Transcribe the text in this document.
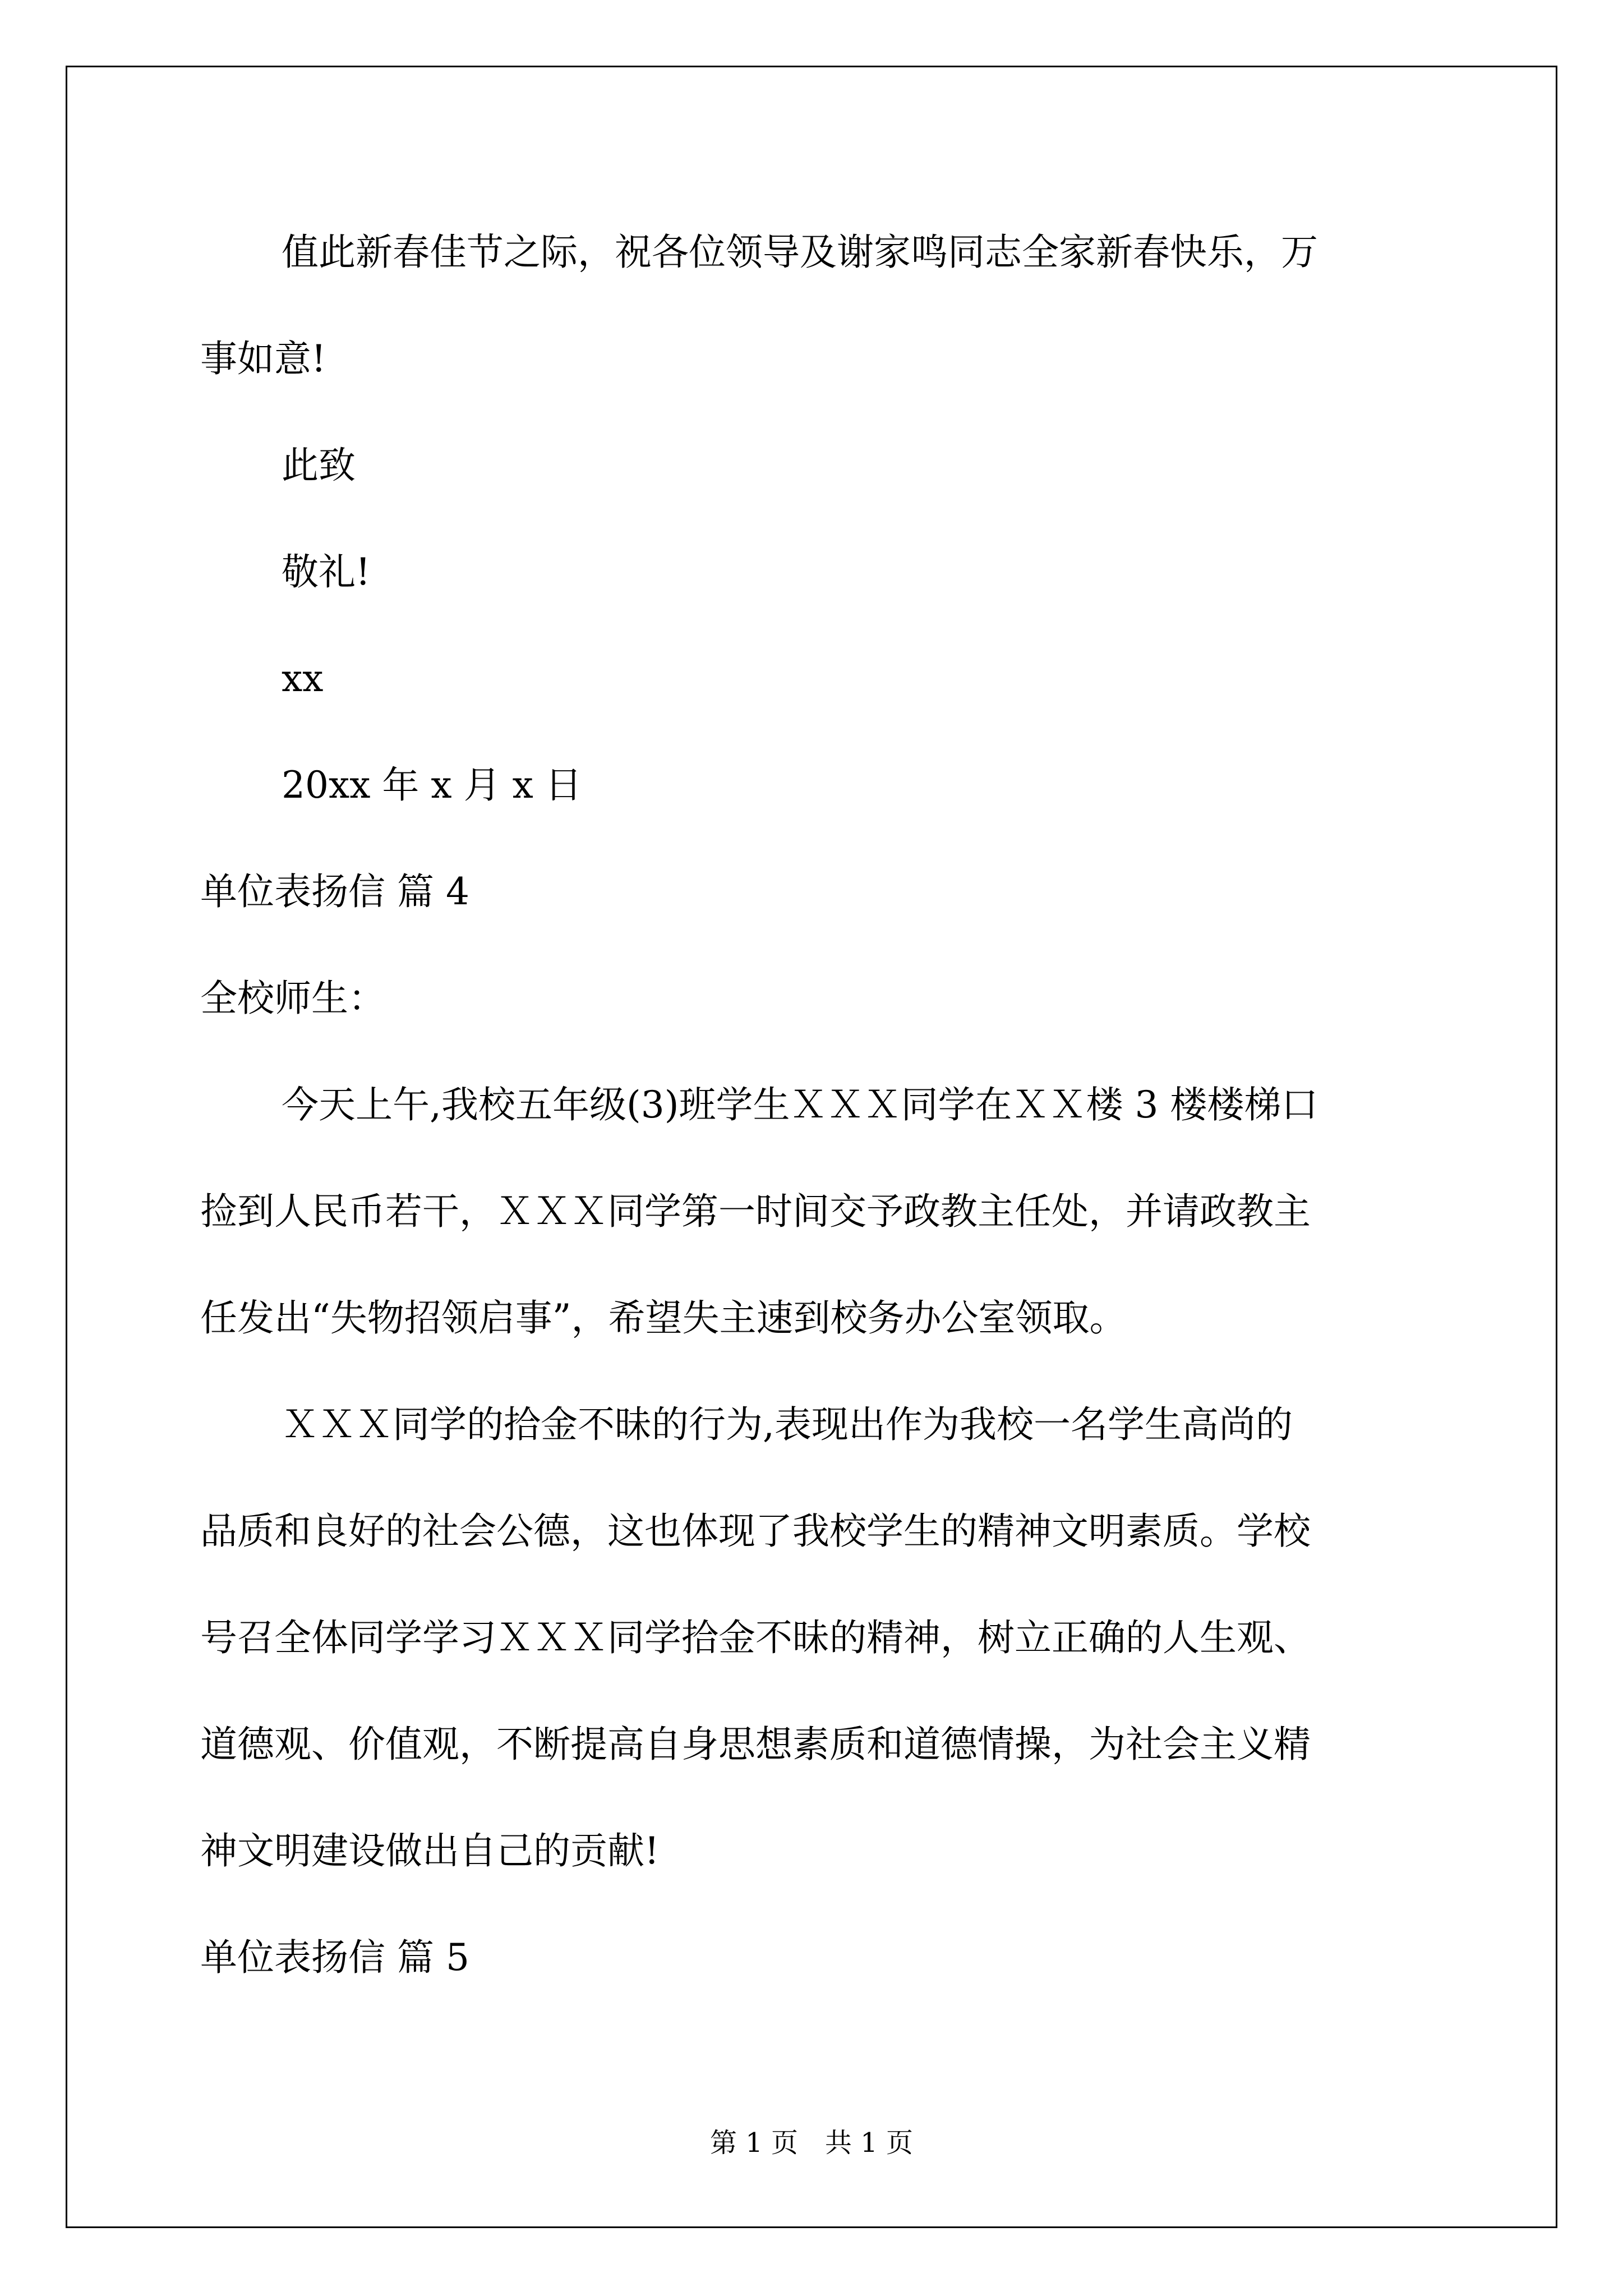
值此新春佳节之际，祝各位领导及谢家鸣同志全家新春快乐，万
事如意!
此致
敬礼!
xx
20xx 年 x 月 x 日
单位表扬信 篇 4
全校师生：
今天上午,我校五年级(3)班学生ＸＸＸ同学在ＸＸ楼 3 楼楼梯口
捡到人民币若干，ＸＸＸ同学第一时间交予政教主任处，并请政教主
任发出“失物招领启事”，希望失主速到校务办公室领取。
ＸＸＸ同学的拾金不昧的行为,表现出作为我校一名学生高尚的
品质和良好的社会公德，这也体现了我校学生的精神文明素质。学校
号召全体同学学习ＸＸＸ同学拾金不昧的精神，树立正确的人生观、
道德观、价值观，不断提高自身思想素质和道德情操，为社会主义精
神文明建设做出自己的贡献!
单位表扬信 篇 5
第 1 页　共 1 页
